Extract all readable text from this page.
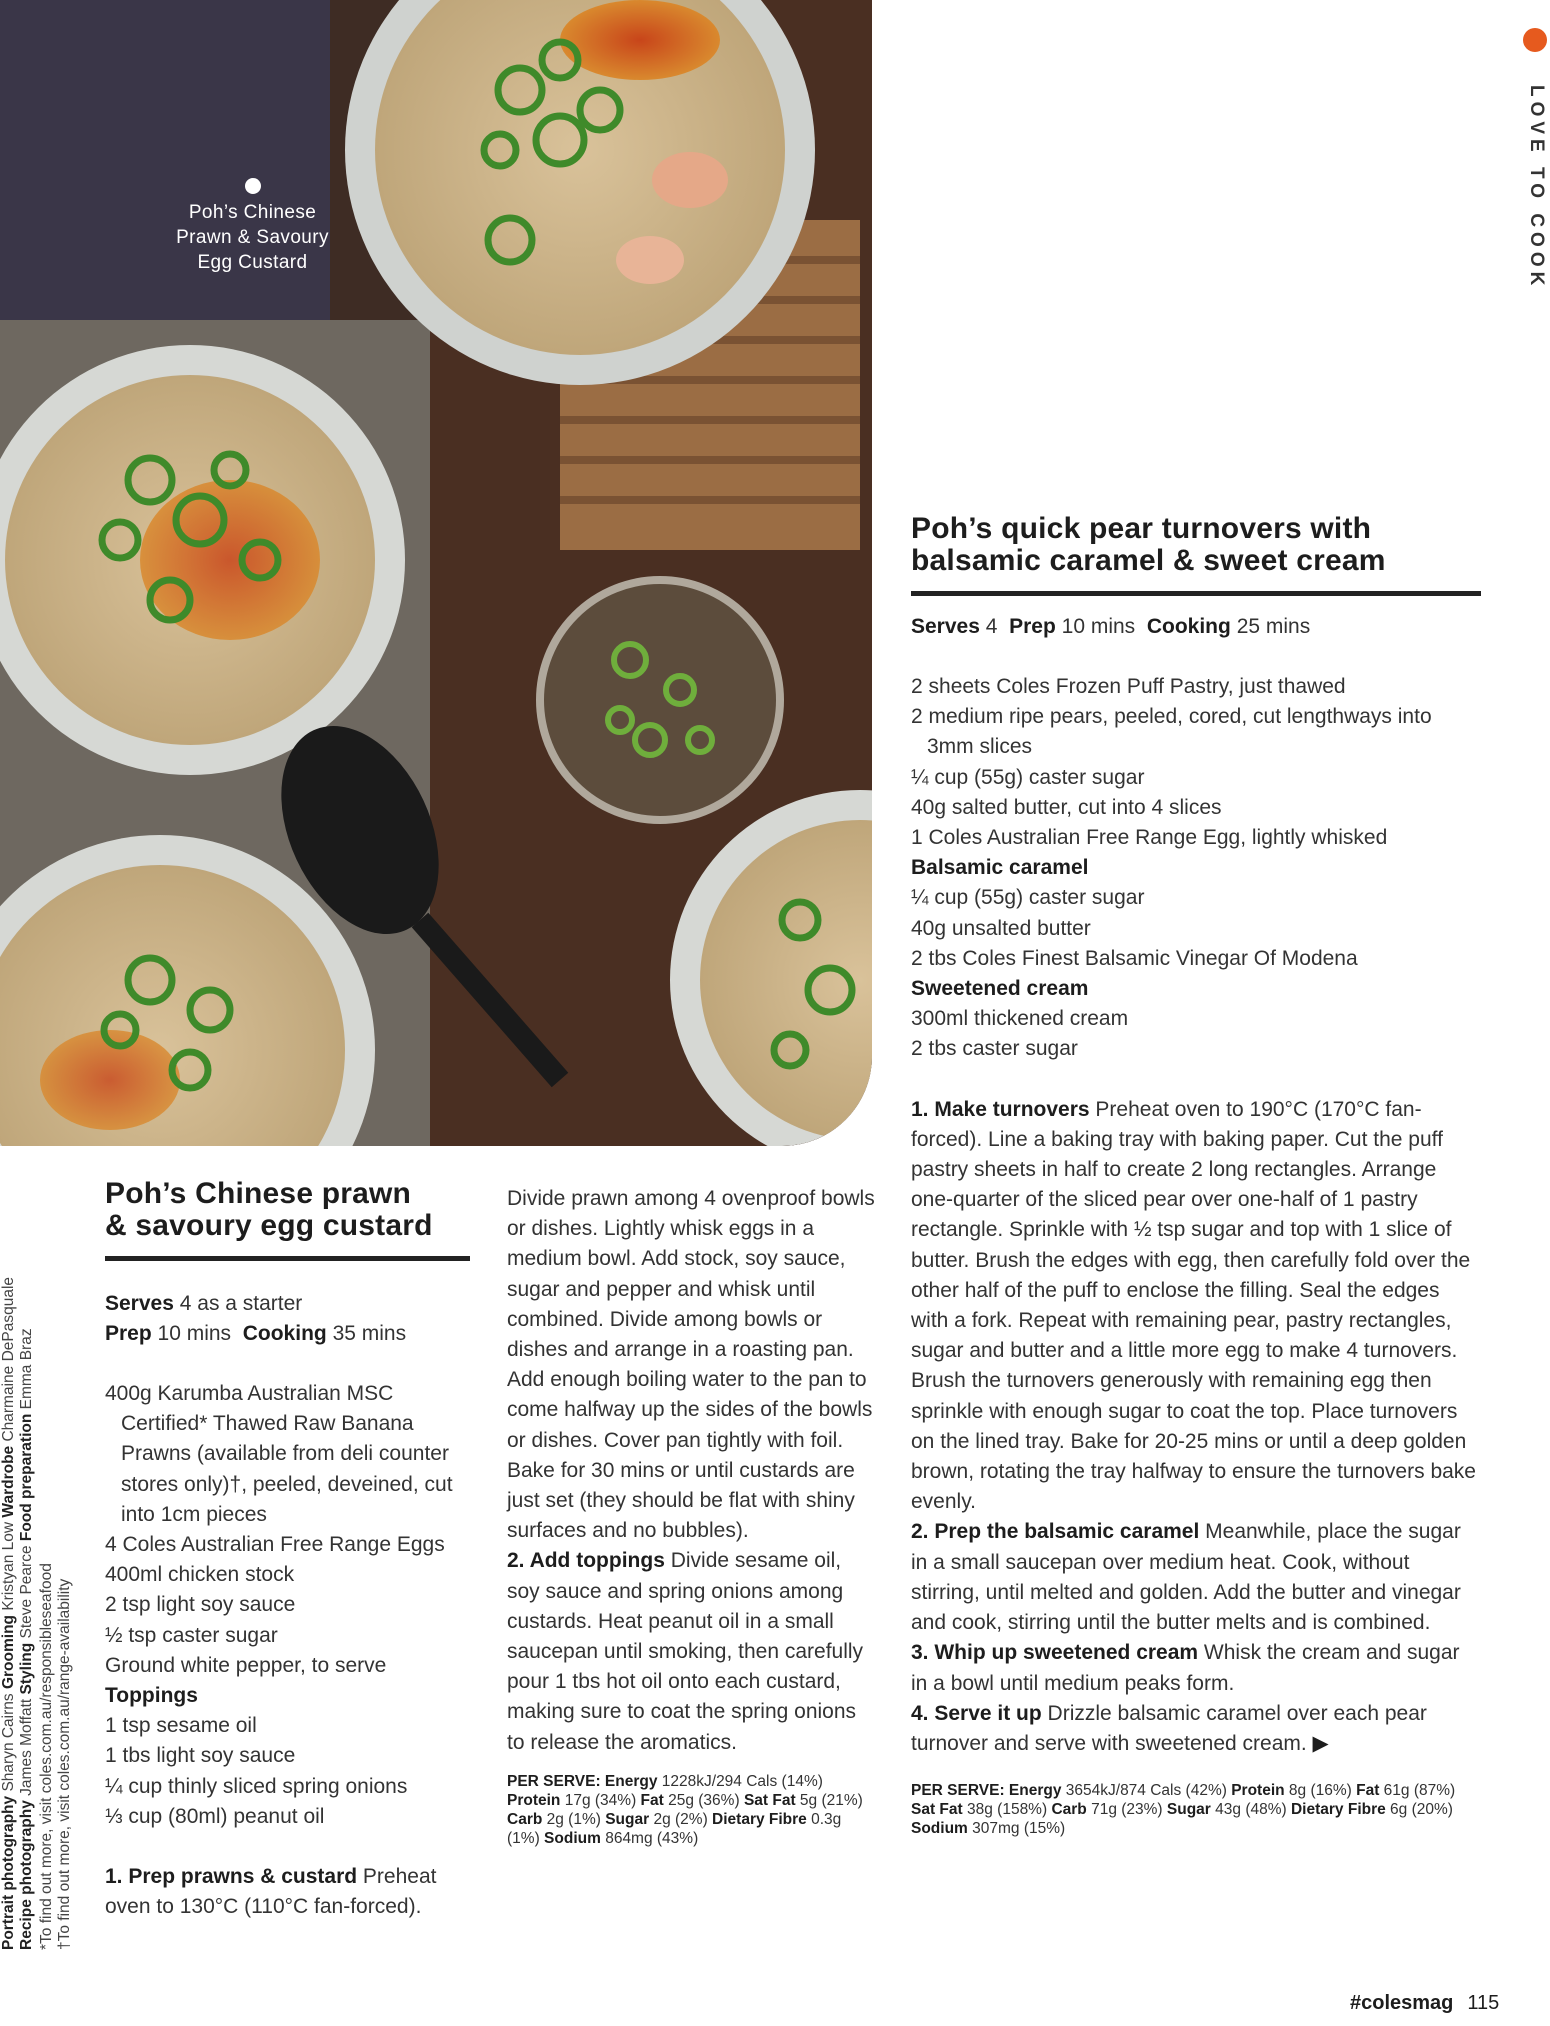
Poh’s Chinese
Prawn & Savoury
Egg Custard	LOVE TO COOK
Portrait photography Sharyn Cairns Grooming Kristyan Low Wardrobe Charmaine DePasquale
Recipe photography James Moffatt Styling Steve Pearce Food preparation Emma Braz
*To find out more, visit coles.com.au/responsibleseafood †To find out more, visit coles.com.au/range-availability
Poh’s Chinese prawn
& savoury egg custard
Serves 4 as a starter
Prep 10 mins Cooking 35 mins
400g Karumba Australian MSC Certified* Thawed Raw Banana Prawns (available from deli counter stores only)†, peeled, deveined, cut into 1cm pieces
4 Coles Australian Free Range Eggs
400ml chicken stock
2 tsp light soy sauce
½ tsp caster sugar
Ground white pepper, to serve
Toppings
1 tsp sesame oil
1 tbs light soy sauce
¼ cup thinly sliced spring onions
⅓ cup (80ml) peanut oil
1. Prep prawns & custard Preheat oven to 130°C (110°C fan-forced).
Divide prawn among 4 ovenproof bowls or dishes. Lightly whisk eggs in a medium bowl. Add stock, soy sauce, sugar and pepper and whisk until combined. Divide among bowls or dishes and arrange in a roasting pan. Add enough boiling water to the pan to come halfway up the sides of the bowls or dishes. Cover pan tightly with foil. Bake for 30 mins or until custards are just set (they should be flat with shiny surfaces and no bubbles).
2. Add toppings Divide sesame oil, soy sauce and spring onions among custards. Heat peanut oil in a small saucepan until smoking, then carefully pour 1 tbs hot oil onto each custard, making sure to coat the spring onions to release the aromatics.
PER SERVE: Energy 1228kJ/294 Cals (14%) Protein 17g (34%) Fat 25g (36%) Sat Fat 5g (21%) Carb 2g (1%) Sugar 2g (2%) Dietary Fibre 0.3g (1%) Sodium 864mg (43%)
Poh’s quick pear turnovers with
balsamic caramel & sweet cream
Serves 4 Prep 10 mins Cooking 25 mins
2 sheets Coles Frozen Puff Pastry, just thawed
2 medium ripe pears, peeled, cored, cut lengthways into 3mm slices
¼ cup (55g) caster sugar
40g salted butter, cut into 4 slices
1 Coles Australian Free Range Egg, lightly whisked
Balsamic caramel
¼ cup (55g) caster sugar
40g unsalted butter
2 tbs Coles Finest Balsamic Vinegar Of Modena
Sweetened cream
300ml thickened cream
2 tbs caster sugar
1. Make turnovers Preheat oven to 190°C (170°C fan-forced). Line a baking tray with baking paper. Cut the puff pastry sheets in half to create 2 long rectangles. Arrange one-quarter of the sliced pear over one-half of 1 pastry rectangle. Sprinkle with ½ tsp sugar and top with 1 slice of butter. Brush the edges with egg, then carefully fold over the other half of the puff to enclose the filling. Seal the edges with a fork. Repeat with remaining pear, pastry rectangles, sugar and butter and a little more egg to make 4 turnovers. Brush the turnovers generously with remaining egg then sprinkle with enough sugar to coat the top. Place turnovers on the lined tray. Bake for 20-25 mins or until a deep golden brown, rotating the tray halfway to ensure the turnovers bake evenly.
2. Prep the balsamic caramel Meanwhile, place the sugar in a small saucepan over medium heat. Cook, without stirring, until melted and golden. Add the butter and vinegar and cook, stirring until the butter melts and is combined.
3. Whip up sweetened cream Whisk the cream and sugar in a bowl until medium peaks form.
4. Serve it up Drizzle balsamic caramel over each pear turnover and serve with sweetened cream. ▶
PER SERVE: Energy 3654kJ/874 Cals (42%) Protein 8g (16%) Fat 61g (87%) Sat Fat 38g (158%) Carb 71g (23%) Sugar 43g (48%) Dietary Fibre 6g (20%) Sodium 307mg (15%)
#colesmag 115
